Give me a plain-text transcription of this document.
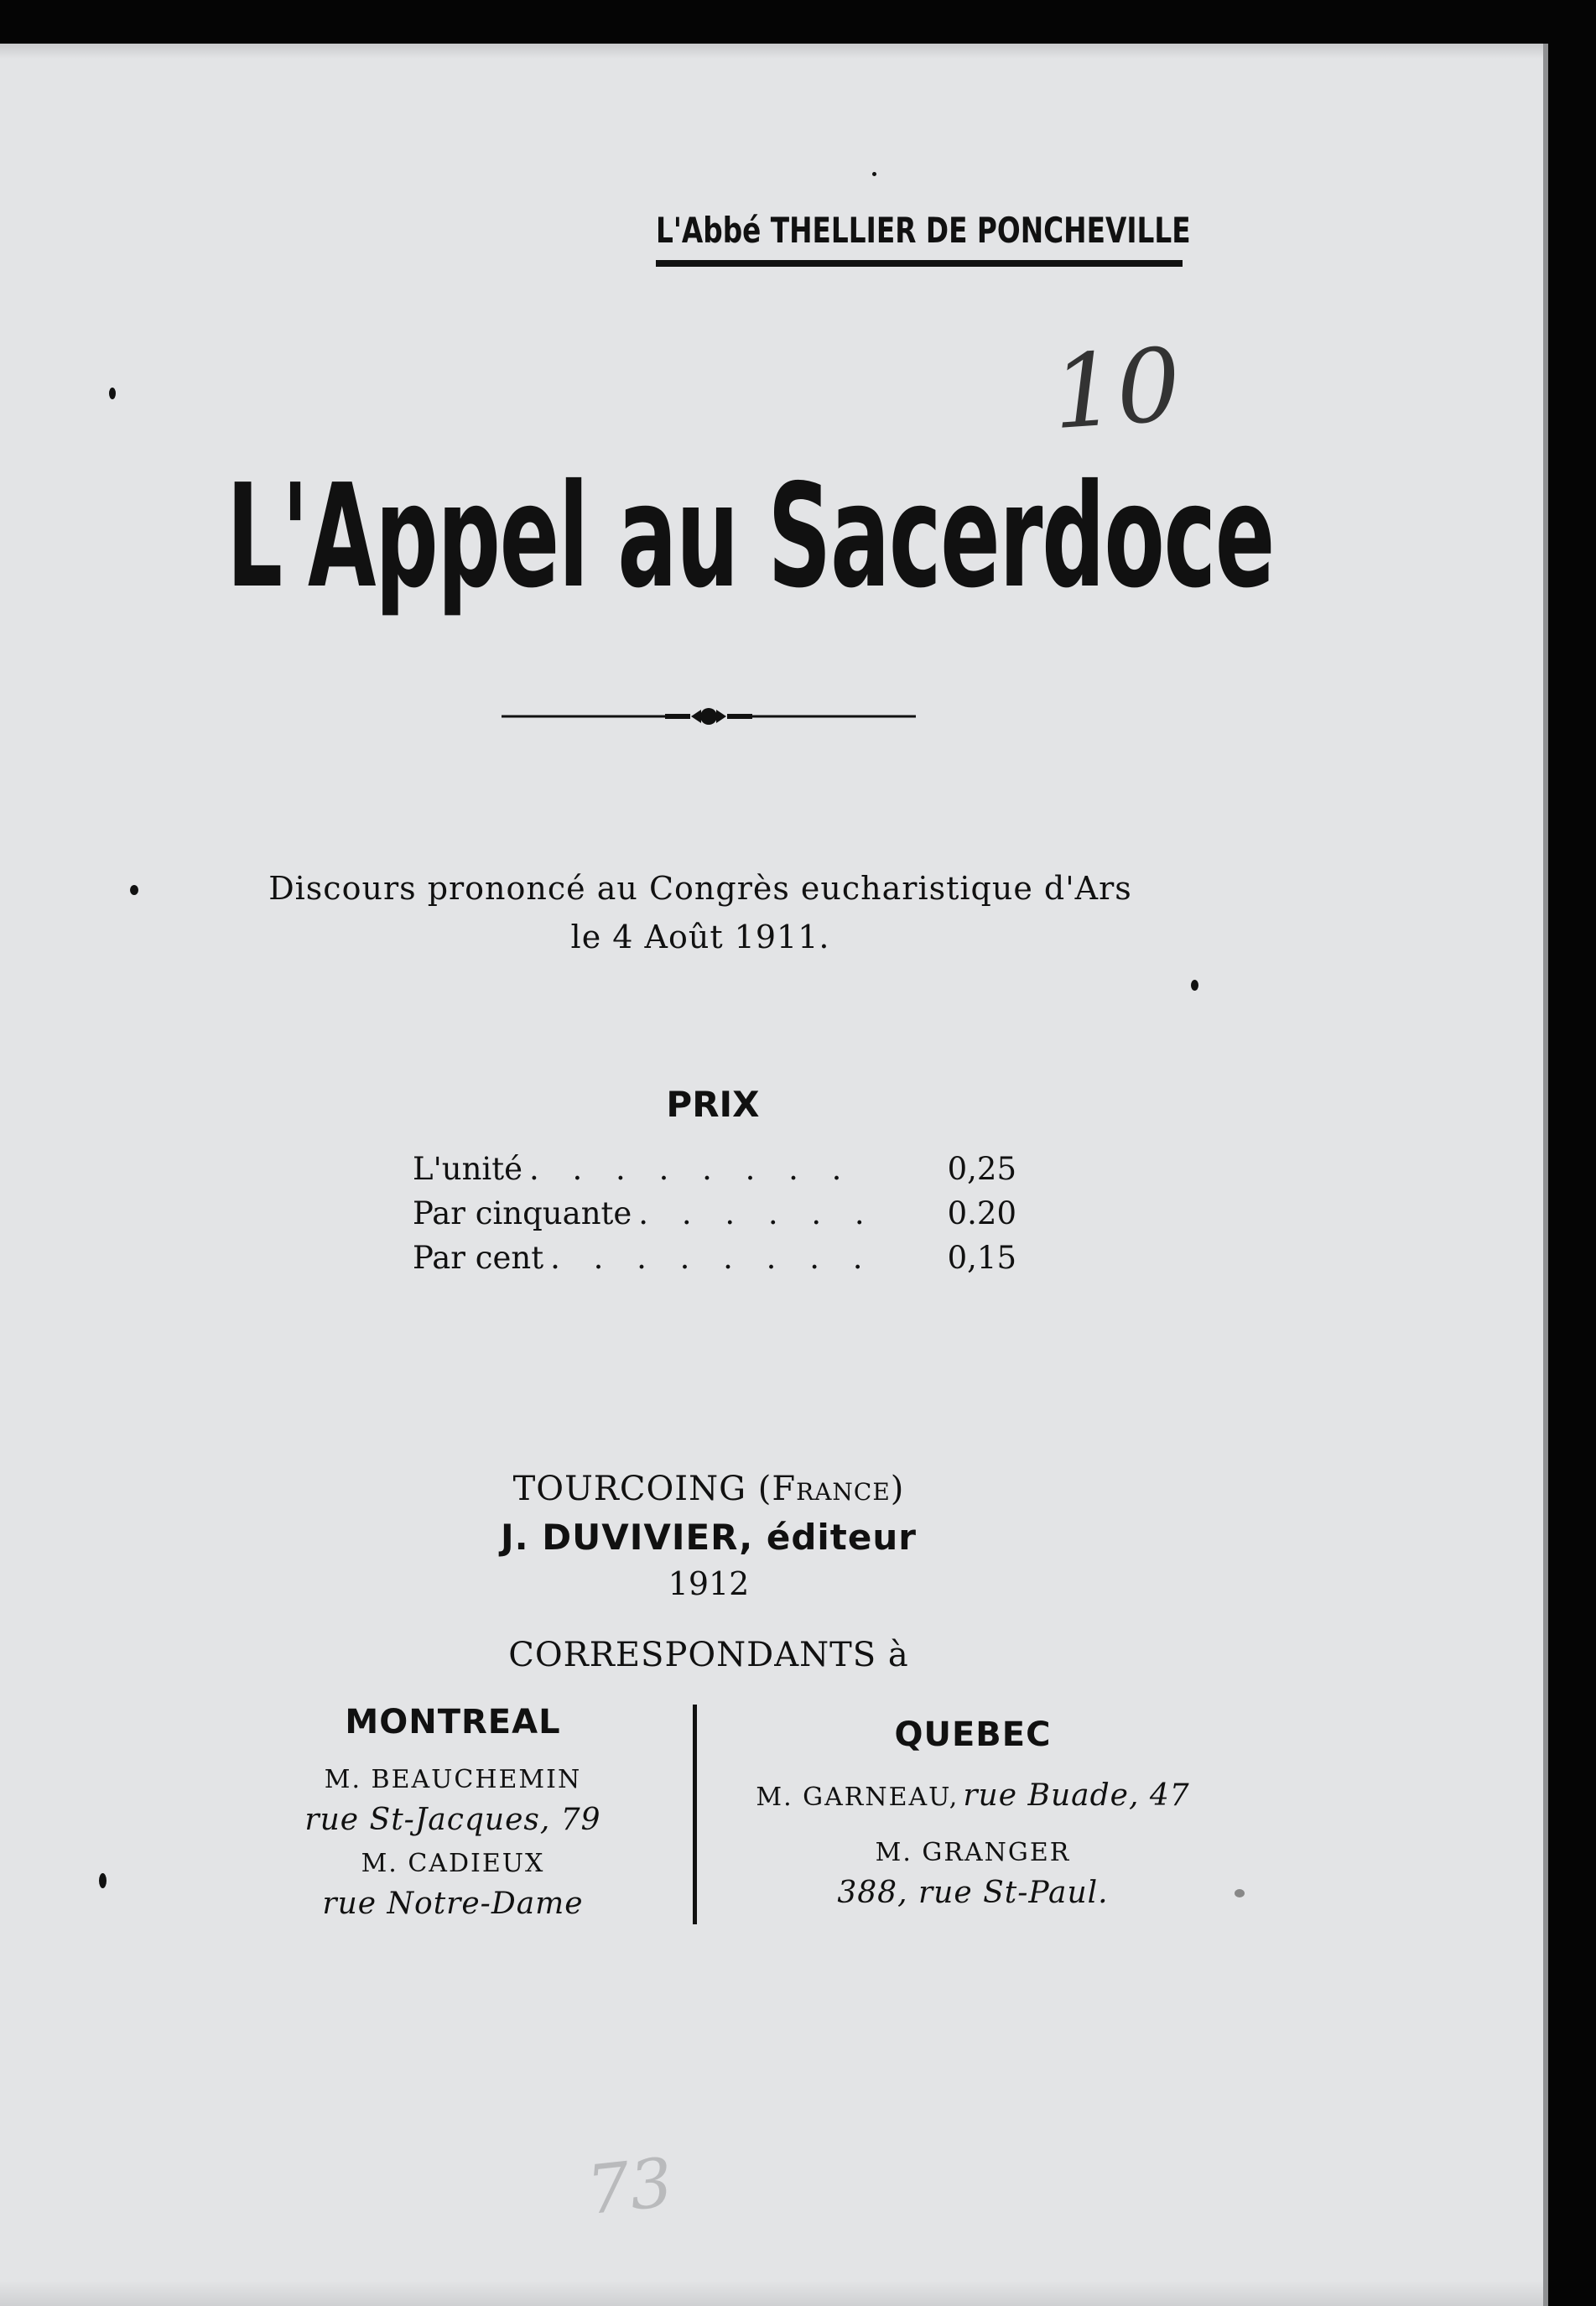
L'Abbé THELLIER DE PONCHEVILLE
10
L'Appel au Sacerdoce
Discours prononcé au Congrès eucharistique d'Ars
le 4 Août 1911.
PRIX
L'unité . . . . . . . .	0,25
Par cinquante . . . . . .	0.20
Par cent . . . . . . . .	0,15
TOURCOING (France)
J. DUVIVIER, éditeur
1912
CORRESPONDANTS à
MONTREAL
M. BEAUCHEMIN
rue St-Jacques, 79
M. CADIEUX
rue Notre-Dame
QUEBEC
M. GARNEAU, rue Buade, 47
M. GRANGER
388, rue St-Paul.
73
